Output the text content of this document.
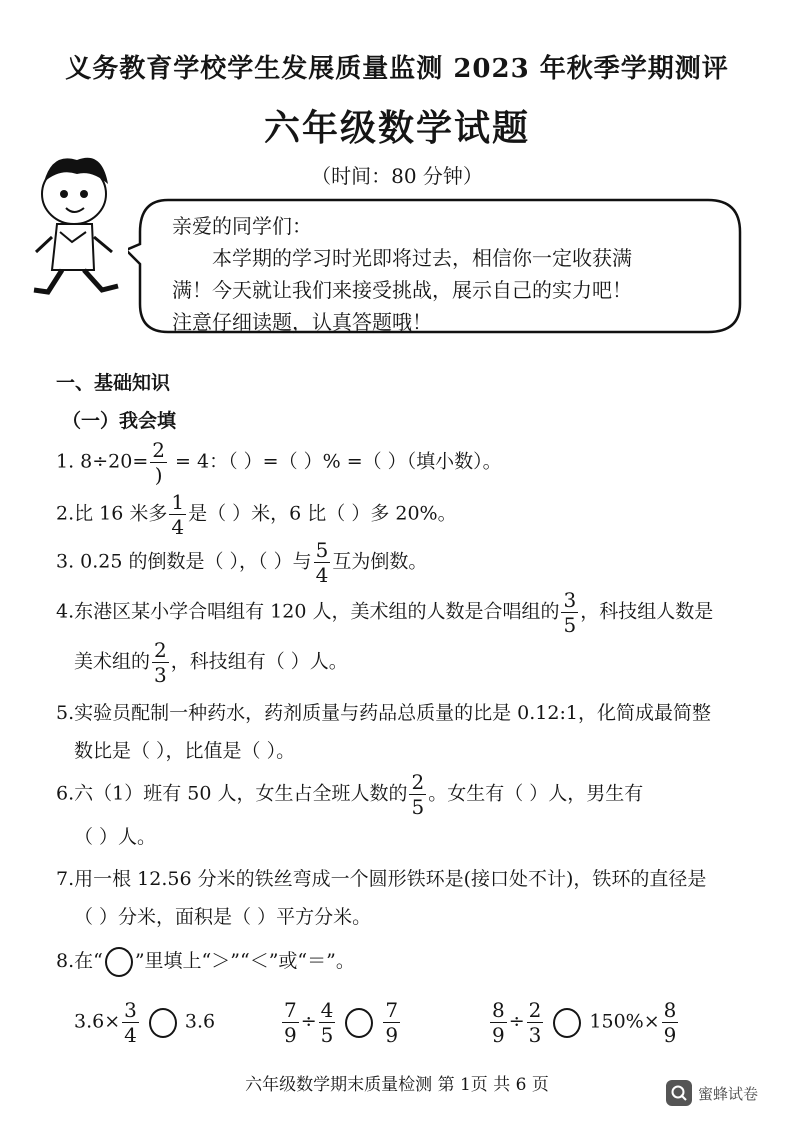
义务教育学校学生发展质量监测 2023 年秋季学期测评
六年级数学试题
（时间：80 分钟）
亲爱的同学们：
本学期的学习时光即将过去，相信你一定收获满
满！今天就让我们来接受挑战，展示自己的实力吧！
注意仔细读题，认真答题哦！
一、基础知识
（一）我会填
1. $8\div 20= \frac{2}{)} = 4$：（ ）=（ ）% =（ ）（填小数）。
2.比 16 米多 $\frac{1}{4}$ 是（ ）米，6 比（ ）多 20%。
3. 0.25 的倒数是（ ），（ ）与 $\frac{5}{4}$ 互为倒数。
4.东港区某小学合唱组有 120 人，美术组的人数是合唱组的 $\frac{3}{5}$ ，科技组人数是
美术组的 $\frac{2}{3}$ ，科技组有（ ）人。
5.实验员配制一种药水，药剂质量与药品总质量的比是 0.12:1，化简成最简整
数比是（ ），比值是（ ）。
6.六（1）班有 50 人，女生占全班人数的 $\frac{2}{5}$ 。女生有（ ）人，男生有
（ ）人。
7.用一根 12.56 分米的铁丝弯成一个圆形铁环是(接口处不计)，铁环的直径是
（ ）分米，面积是（ ）平方分米。
8.在“ ”里填上“＞”“＜”或“＝”。
$3.6\times \frac{3}{4} 3.6$	$\frac{7}{9} \div \frac{4}{5} \frac{7}{9}$	$\frac{8}{9} \div \frac{2}{3} 150\%\times \frac{8}{9}$
六年级数学期末质量检测 第 1页 共 6 页	蜜蜂试卷
